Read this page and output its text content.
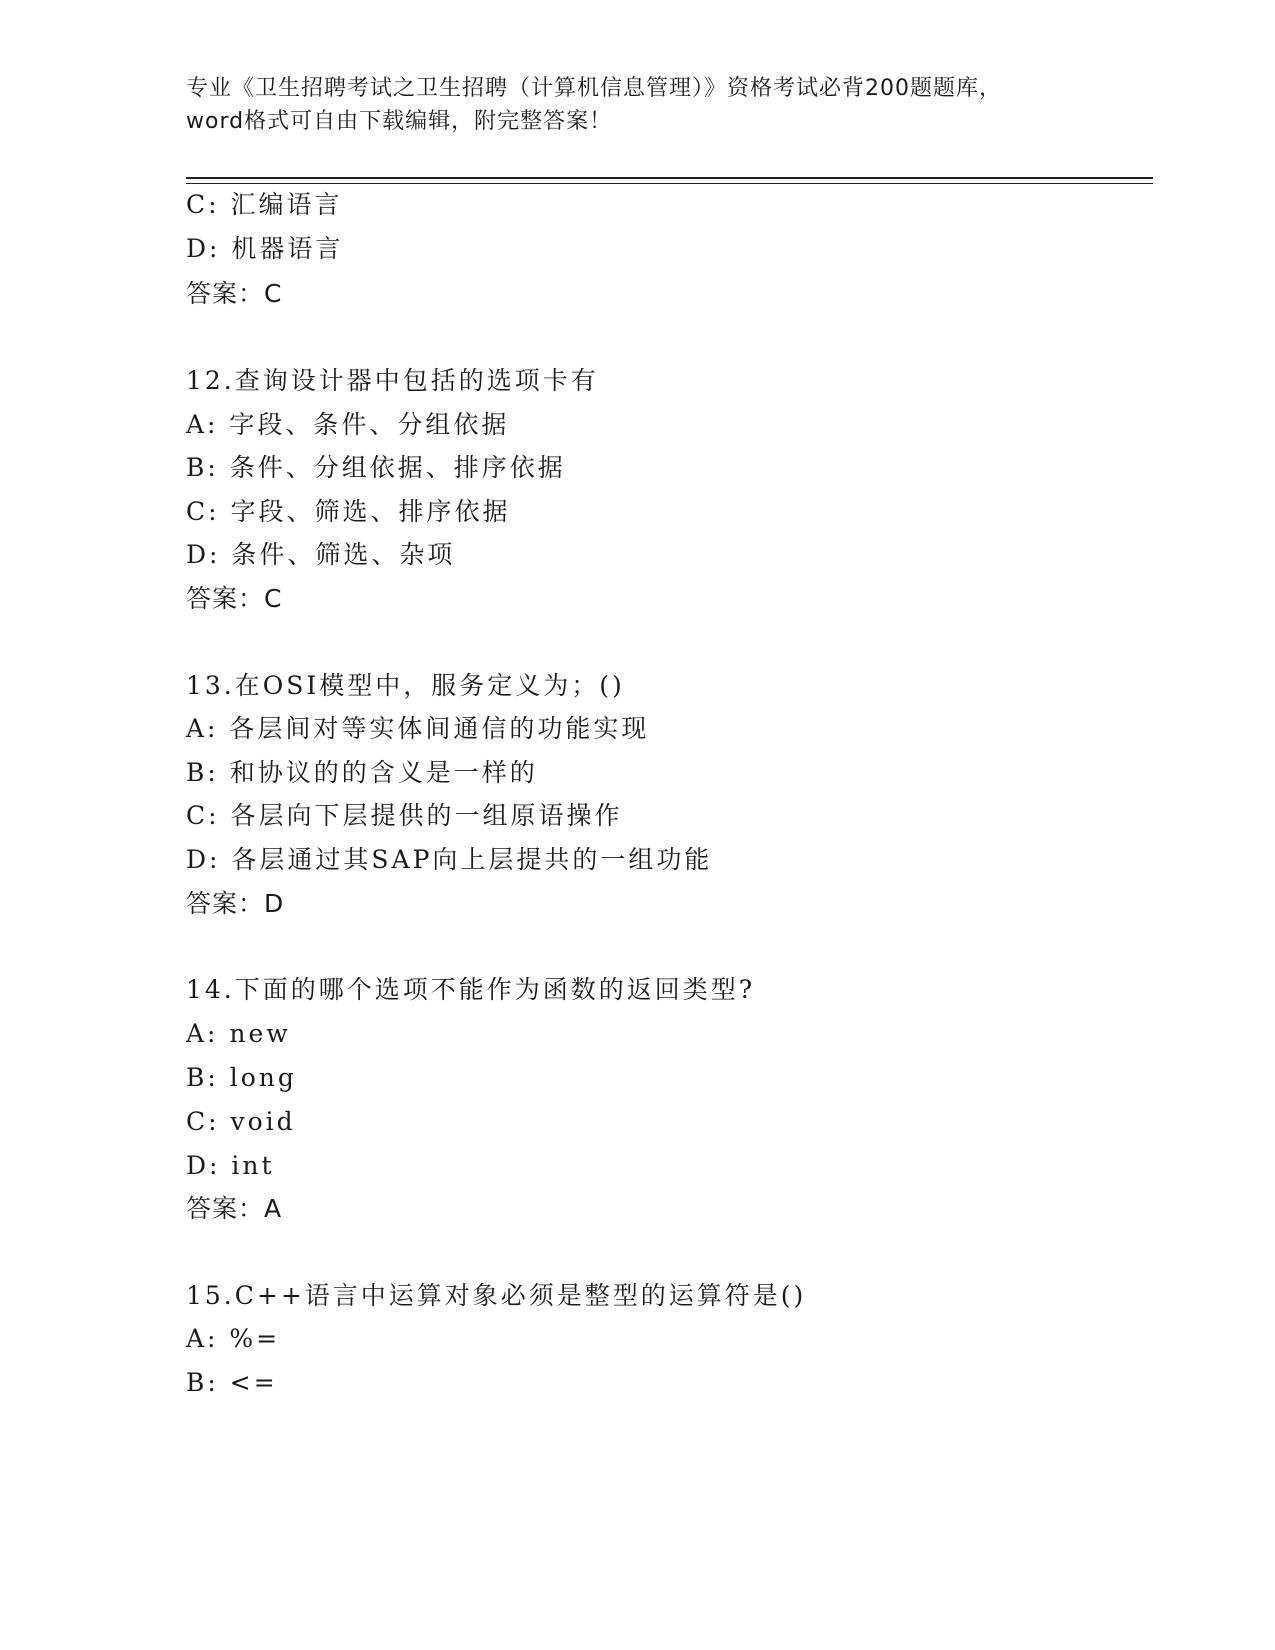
专业《卫生招聘考试之卫生招聘（计算机信息管理）》资格考试必背200题题库，
word格式可自由下载编辑，附完整答案！
C: 汇编语言
D: 机器语言
答案：C
12.查询设计器中包括的选项卡有
A: 字段、条件、分组依据
B: 条件、分组依据、排序依据
C: 字段、筛选、排序依据
D: 条件、筛选、杂项
答案：C
13.在OSI模型中，服务定义为；()
A: 各层间对等实体间通信的功能实现
B: 和协议的的含义是一样的
C: 各层向下层提供的一组原语操作
D: 各层通过其SAP向上层提共的一组功能
答案：D
14.下面的哪个选项不能作为函数的返回类型?
A: new
B: long
C: void
D: int
答案：A
15.C++语言中运算对象必须是整型的运算符是()
A: %=
B: <=
